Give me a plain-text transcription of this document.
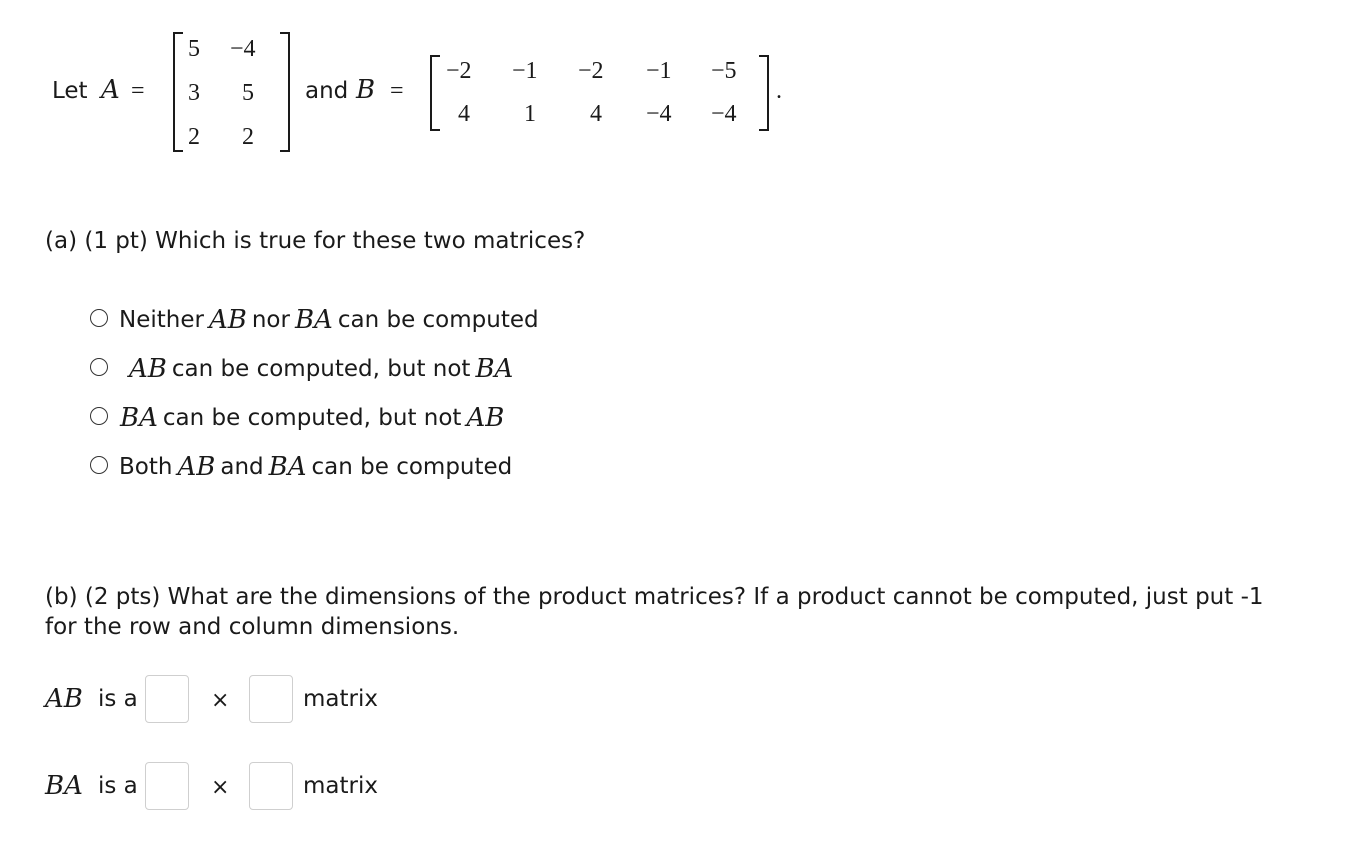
Let A =
5 −4
3 5
2 2
and B =
−2 −1 −2 −1 −5
4 1 4 −4 −4
.
(a) (1 pt) Which is true for these two matrices?
Neither AB nor BA can be computed
AB can be computed, but not BA
BA can be computed, but not AB
Both AB and BA can be computed
(b) (2 pts) What are the dimensions of the product matrices? If a product cannot be computed, just put -1
for the row and column dimensions.
AB is a	×	matrix
BA is a	×	matrix
